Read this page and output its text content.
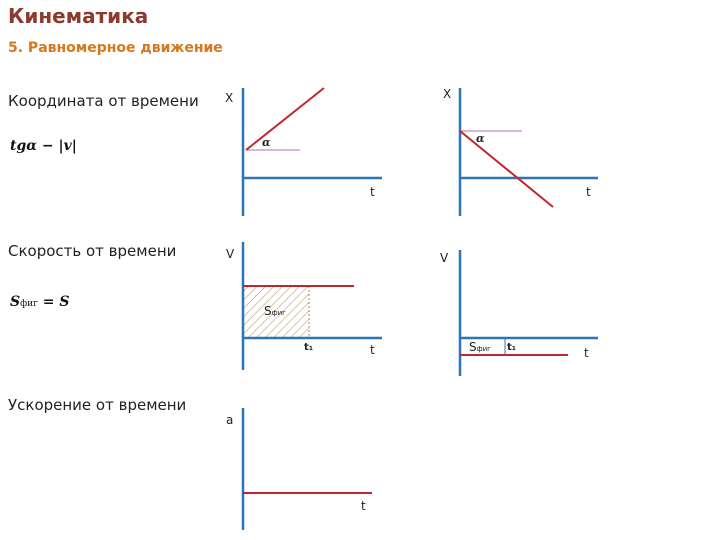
Кинематика
5. Равномерное движение
Координата от времени
tgα − |v|
Скорость от времени
Sфиг = S
Ускорение от времени
X
t
α
X
t
α
V
t
t₁
Sфиг
V
t
t₁
Sфиг
a
t
